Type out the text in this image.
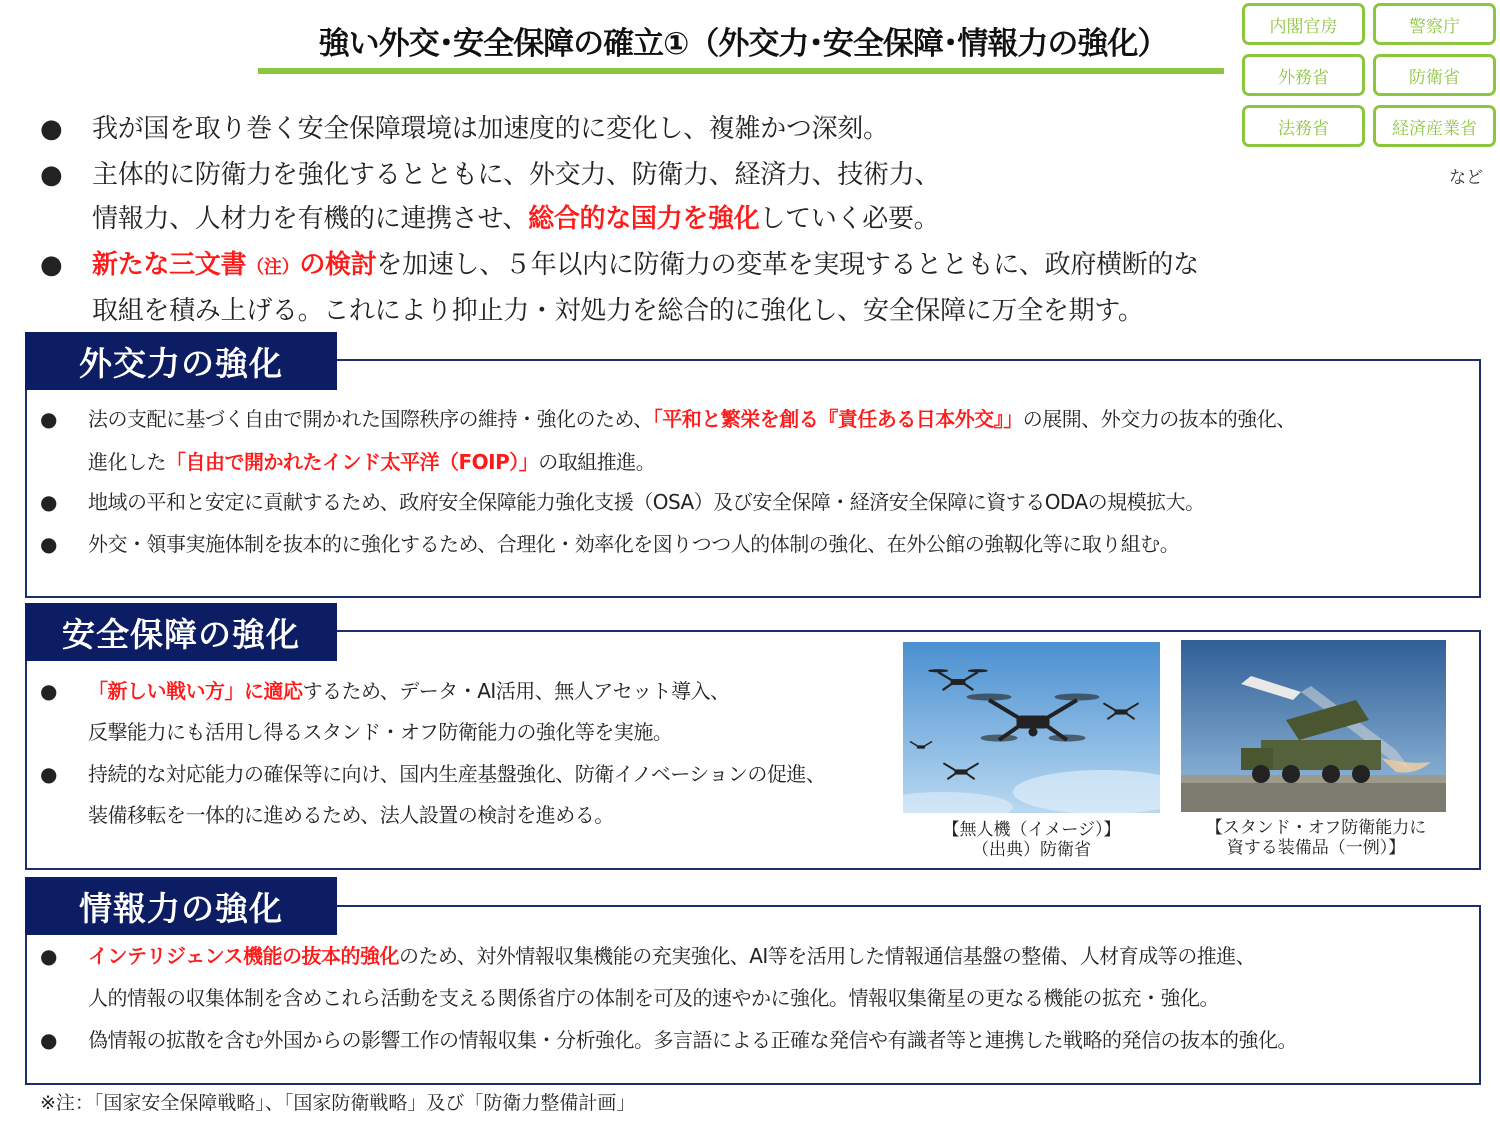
強い外交･安全保障の確立①（外交力･安全保障･情報力の強化）	内閣官房	警察庁
外務省	防衛省
法務省	経済産業省
など
● 我が国を取り巻く安全保障環境は加速度的に変化し、複雑かつ深刻。
● 主体的に防衛力を強化するとともに、外交力、防衛力、経済力、技術力、
情報力、人材力を有機的に連携させ、総合的な国力を強化していく必要。
● 新たな三文書（注）の検討を加速し、５年以内に防衛力の変革を実現するとともに、政府横断的な
取組を積み上げる。これにより抑止力・対処力を総合的に強化し、安全保障に万全を期す。
外交力の強化
● 法の支配に基づく自由で開かれた国際秩序の維持・強化のため、「平和と繁栄を創る『責任ある日本外交』」の展開、外交力の抜本的強化、
進化した「自由で開かれたインド太平洋（FOIP）」の取組推進。
● 地域の平和と安定に貢献するため、政府安全保障能力強化支援（OSA）及び安全保障・経済安全保障に資するODAの規模拡大。
● 外交・領事実施体制を抜本的に強化するため、合理化・効率化を図りつつ人的体制の強化、在外公館の強靱化等に取り組む。
安全保障の強化
● 「新しい戦い方」に適応するため、データ・AI活用、無人アセット導入、
反撃能力にも活用し得るスタンド・オフ防衛能力の強化等を実施。
● 持続的な対応能力の確保等に向け、国内生産基盤強化、防衛イノベーションの促進、
装備移転を一体的に進めるため、法人設置の検討を進める。
【無人機（イメージ）】
（出典）防衛省
【スタンド・オフ防衛能力に
資する装備品（一例）】
情報力の強化
● インテリジェンス機能の抜本的強化のため、対外情報収集機能の充実強化、AI等を活用した情報通信基盤の整備、人材育成等の推進、
人的情報の収集体制を含めこれら活動を支える関係省庁の体制を可及的速やかに強化。情報収集衛星の更なる機能の拡充・強化。
● 偽情報の拡散を含む外国からの影響工作の情報収集・分析強化。多言語による正確な発信や有識者等と連携した戦略的発信の抜本的強化。
※注：「国家安全保障戦略」、「国家防衛戦略」及び「防衛力整備計画」
